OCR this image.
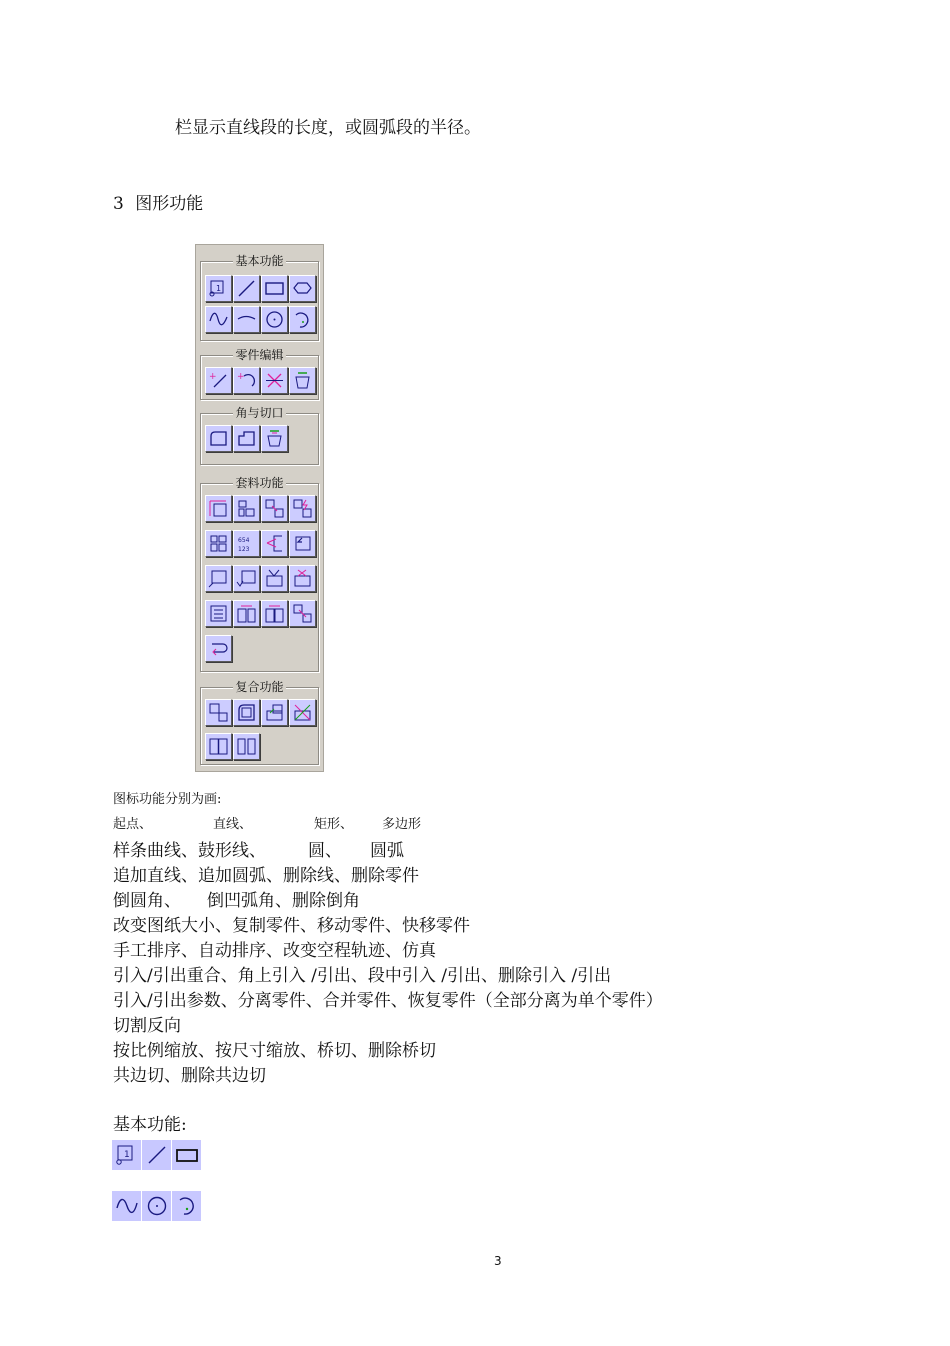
栏显示直线段的长度，或圆弧段的半径。
3 图形功能
基本功能
1
零件编辑
+ +
角与切口
套料功能
654
123
复合功能
图标功能分别为画:
起点、	直线、	矩形、 多边形
样条曲线、鼓形线、 圆、 圆弧
追加直线、追加圆弧、删除线、删除零件
倒圆角、 倒凹弧角、删除倒角
改变图纸大小、复制零件、移动零件、快移零件
手工排序、自动排序、改变空程轨迹、仿真
引入/引出重合、角上引入 /引出、段中引入 /引出、删除引入 /引出
引入/引出参数、分离零件、合并零件、恢复零件（全部分离为单个零件）
切割反向
按比例缩放、按尺寸缩放、桥切、删除桥切
共边切、删除共边切
基本功能:
1
3
